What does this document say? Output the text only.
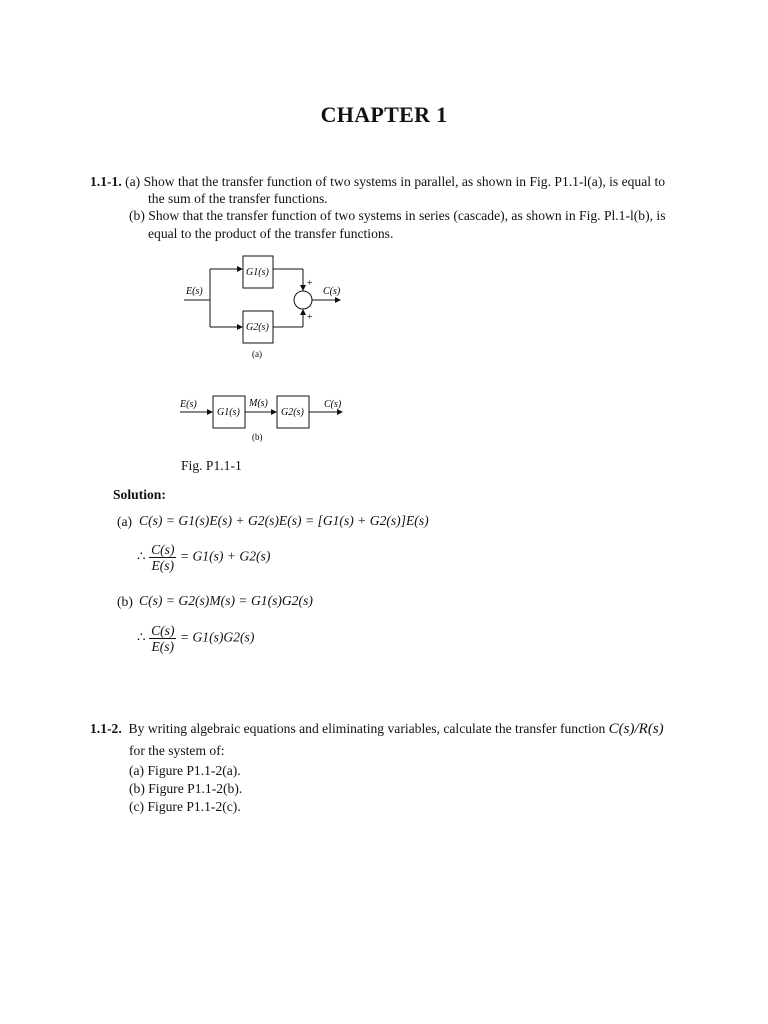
CHAPTER 1
1.1-1. (a) Show that the transfer function of two systems in parallel, as shown in Fig. P1.1-l(a), is equal to
the sum of the transfer functions.
(b) Show that the transfer function of two systems in series (cascade), as shown in Fig. Pl.1-l(b), is
equal to the product of the transfer functions.
E(s)
G1(s)
G2(s)
+
+
C(s)
(a)
E(s)
G1(s)
M(s)
G2(s)
C(s)
(b)
Fig. P1.1-1
Solution:
(a) C(s) = G1(s)E(s) + G2(s)E(s) = [G1(s) + G2(s)]E(s)
∴ $\frac{C(s)}{E(s)} = G1(s) + G2(s)$
(b) C(s) = G2(s)M(s) = G1(s)G2(s)
∴ $\frac{C(s)}{E(s)} = G1(s)G2(s)$
1.1-2. By writing algebraic equations and eliminating variables, calculate the transfer function C(s)/R(s)
for the system of:
(a) Figure P1.1-2(a).
(b) Figure P1.1-2(b).
(c) Figure P1.1-2(c).
